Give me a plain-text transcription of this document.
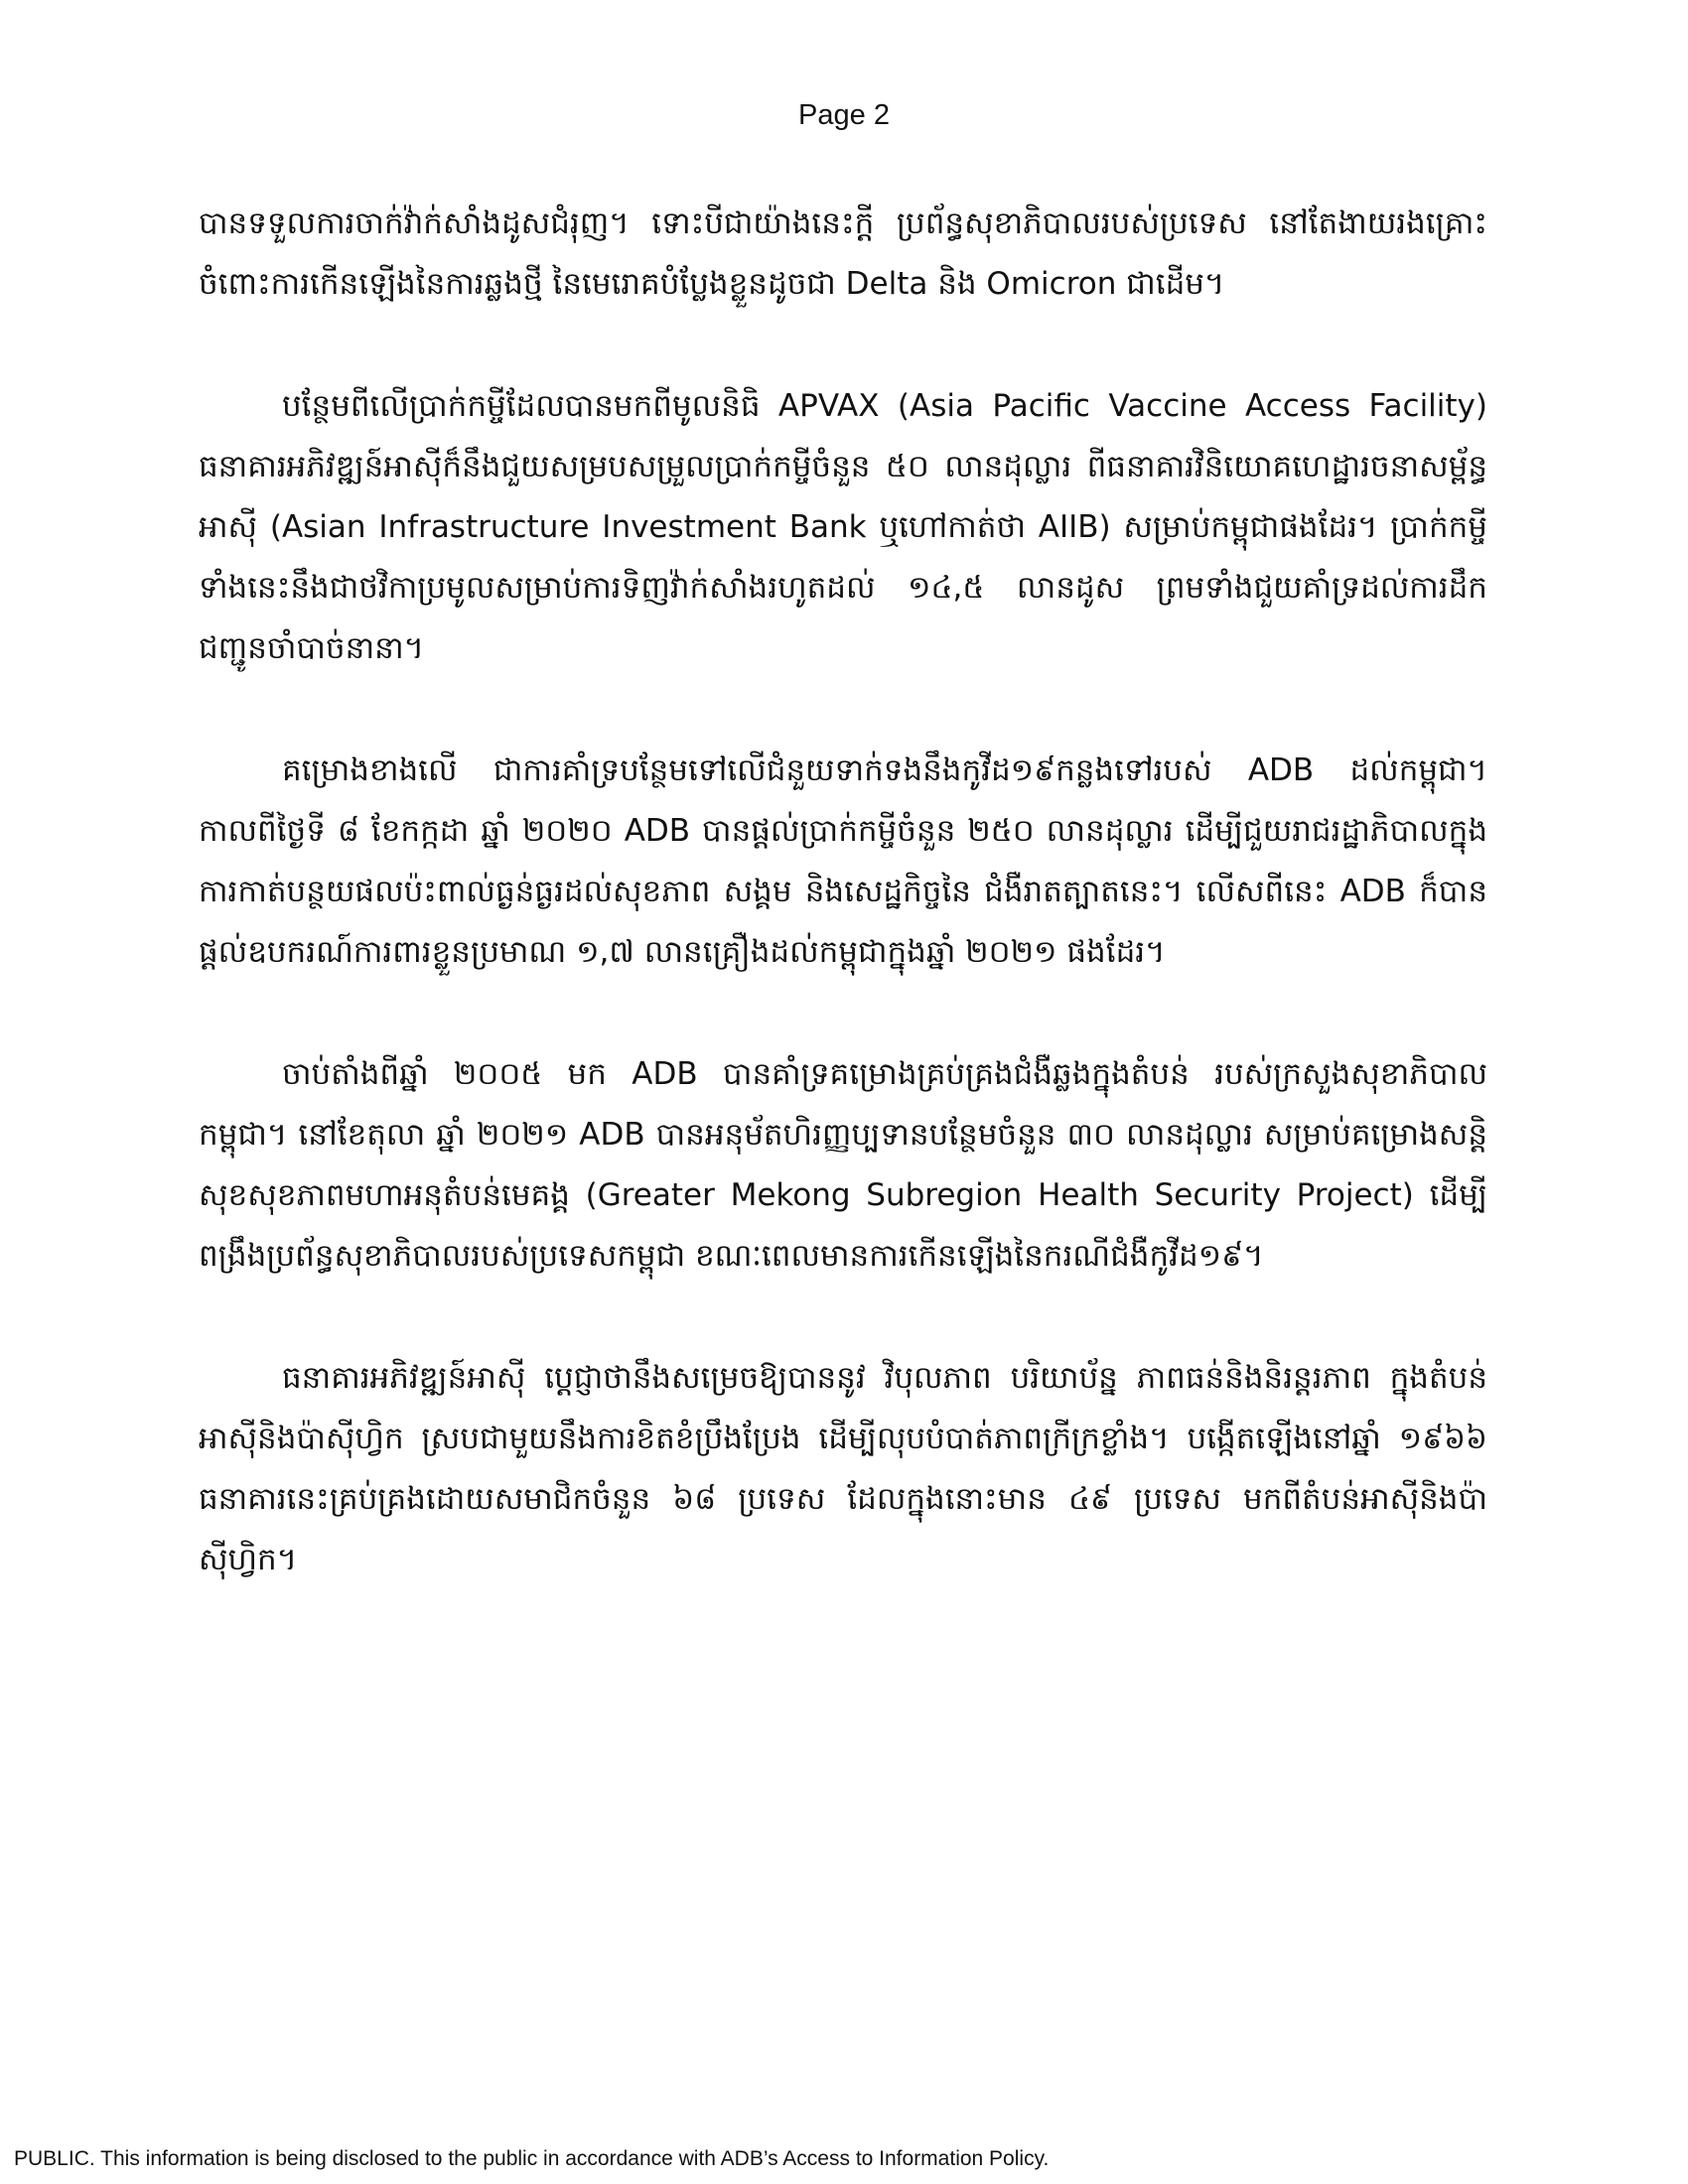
Page 2

បានទទួលការចាក់វ៉ាក់សាំងដូសជំរុញ។ ទោះបីជាយ៉ាងនេះក្តី ប្រព័ន្ធសុខាភិបាលរបស់ប្រទេស នៅតែងាយរងគ្រោះចំពោះការកើនឡើងនៃការឆ្លងថ្មី នៃមេរោគបំប្លែងខ្លួនដូចជា Delta និង Omicron ជាដើម។

បន្ថែមពីលើប្រាក់កម្ចីដែលបានមកពីមូលនិធិ APVAX (Asia Pacific Vaccine Access Facility) ធនាគារអភិវឌ្ឍន៍អាស៊ីក៏នឹងជួយសម្របសម្រួលប្រាក់កម្ចីចំនួន ៥០ លានដុល្លារ ពីធនាគារវិនិយោគហេដ្ឋារចនាសម្ព័ន្ធអាស៊ី (Asian Infrastructure Investment Bank ឬហៅកាត់ថា AIIB) សម្រាប់កម្ពុជាផងដែរ។ ប្រាក់កម្ចីទាំងនេះនឹងជាថវិកាប្រមូលសម្រាប់ការទិញវ៉ាក់សាំងរហូតដល់ ១៤,៥ លានដូស ព្រមទាំងជួយគាំទ្រដល់ការដឹកជញ្ជូនចាំបាច់នានា។

គម្រោងខាងលើ ជាការគាំទ្របន្ថែមទៅលើជំនួយទាក់ទងនឹងកូវីដ១៩កន្លងទៅរបស់ ADB ដល់កម្ពុជា។ កាលពីថ្ងៃទី ៨ ខែកក្កដា ឆ្នាំ ២០២០ ADB បានផ្តល់ប្រាក់កម្ចីចំនួន ២៥០ លានដុល្លារ ដើម្បីជួយរាជរដ្ឋាភិបាលក្នុងការកាត់បន្ថយផលប៉ះពាល់ធ្ងន់ធ្ងរដល់សុខភាព សង្គម និងសេដ្ឋកិច្ចនៃ ជំងឺរាតត្បាតនេះ។ លើសពីនេះ ADB ក៏បានផ្តល់ឧបករណ៍ការពារខ្លួនប្រមាណ ១,៧ លានគ្រឿងដល់កម្ពុជាក្នុងឆ្នាំ ២០២១ ផងដែរ។

ចាប់តាំងពីឆ្នាំ ២០០៥ មក ADB បានគាំទ្រគម្រោងគ្រប់គ្រងជំងឺឆ្លងក្នុងតំបន់ របស់ក្រសួងសុខាភិបាលកម្ពុជា។ នៅខែតុលា ឆ្នាំ ២០២១ ADB បានអនុម័តហិរញ្ញប្បទានបន្ថែមចំនួន ៣០ លានដុល្លារ សម្រាប់គម្រោងសន្តិសុខសុខភាពមហាអនុតំបន់មេគង្គ (Greater Mekong Subregion Health Security Project) ដើម្បីពង្រឹងប្រព័ន្ធសុខាភិបាលរបស់ប្រទេសកម្ពុជា ខណៈពេលមានការកើនឡើងនៃករណីជំងឺកូវីដ១៩។

ធនាគារអភិវឌ្ឍន៍អាស៊ី ប្តេជ្ញាថានឹងសម្រេចឱ្យបាននូវ វិបុលភាព បរិយាប័ន្ន ភាពធន់និងនិរន្តរភាព ក្នុងតំបន់អាស៊ីនិងប៉ាស៊ីហ្វិក ស្របជាមួយនឹងការខិតខំប្រឹងប្រែង ដើម្បីលុបបំបាត់ភាពក្រីក្រខ្លាំង។ បង្កើតឡើងនៅឆ្នាំ ១៩៦៦ ធនាគារនេះគ្រប់គ្រងដោយសមាជិកចំនួន ៦៨ ប្រទេស ដែលក្នុងនោះមាន ៤៩ ប្រទេស មកពីតំបន់អាស៊ីនិងប៉ាស៊ីហ្វិក។

PUBLIC. This information is being disclosed to the public in accordance with ADB’s Access to Information Policy.
